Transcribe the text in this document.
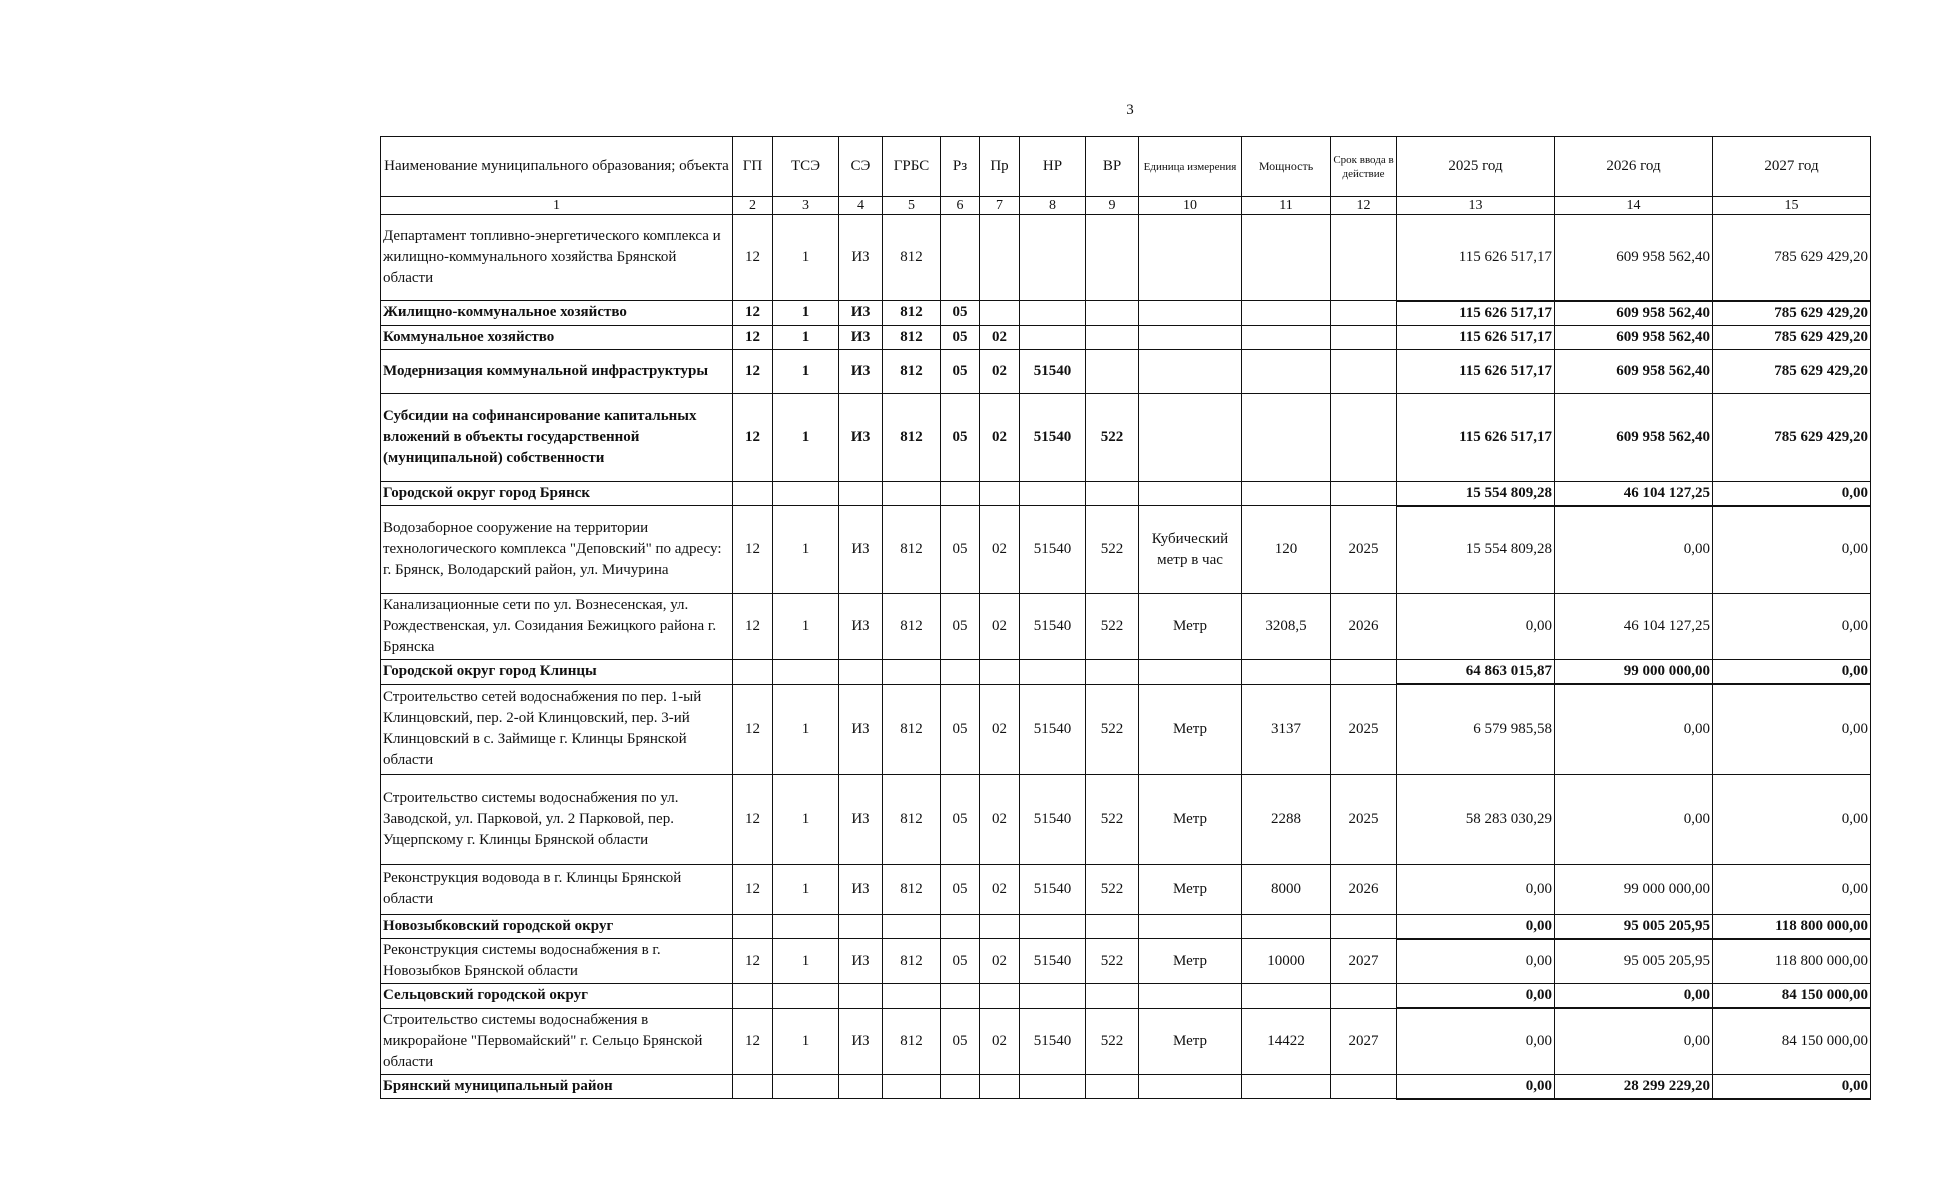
3
Наименование муниципального образования; объекта	ГП	ТСЭ	СЭ	ГРБС	Рз	Пр	НР	ВР	Единица измерения	Мощность	Срок ввода в действие	2025 год	2026 год	2027 год
1	2	3	4	5	6	7	8	9	10	11	12	13	14	15
Департамент топливно-энергетического комплекса и жилищно-коммунального хозяйства Брянской области	12	1	ИЗ	812								115 626 517,17	609 958 562,40	785 629 429,20
Жилищно-коммунальное хозяйство	12	1	ИЗ	812	05							115 626 517,17	609 958 562,40	785 629 429,20
Коммунальное хозяйство	12	1	ИЗ	812	05	02						115 626 517,17	609 958 562,40	785 629 429,20
Модернизация коммунальной инфраструктуры	12	1	ИЗ	812	05	02	51540					115 626 517,17	609 958 562,40	785 629 429,20
Субсидии на софинансирование капитальных вложений в объекты государственной (муниципальной) собственности	12	1	ИЗ	812	05	02	51540	522				115 626 517,17	609 958 562,40	785 629 429,20
Городской округ город Брянск												15 554 809,28	46 104 127,25	0,00
Водозаборное сооружение на территории технологического комплекса "Деповский" по адресу: г. Брянск, Володарский район, ул. Мичурина	12	1	ИЗ	812	05	02	51540	522	Кубический метр в час	120	2025	15 554 809,28	0,00	0,00
Канализационные сети по ул. Вознесенская, ул. Рождественская, ул. Созидания Бежицкого района г. Брянска	12	1	ИЗ	812	05	02	51540	522	Метр	3208,5	2026	0,00	46 104 127,25	0,00
Городской округ город Клинцы												64 863 015,87	99 000 000,00	0,00
Строительство сетей водоснабжения по пер. 1-ый Клинцовский, пер. 2-ой Клинцовский, пер. 3-ий Клинцовский в с. Займище г. Клинцы Брянской области	12	1	ИЗ	812	05	02	51540	522	Метр	3137	2025	6 579 985,58	0,00	0,00
Строительство системы водоснабжения по ул. Заводской, ул. Парковой, ул. 2 Парковой, пер. Ущерпскому г. Клинцы Брянской области	12	1	ИЗ	812	05	02	51540	522	Метр	2288	2025	58 283 030,29	0,00	0,00
Реконструкция водовода в г. Клинцы Брянской области	12	1	ИЗ	812	05	02	51540	522	Метр	8000	2026	0,00	99 000 000,00	0,00
Новозыбковский городской округ												0,00	95 005 205,95	118 800 000,00
Реконструкция системы водоснабжения в г. Новозыбков Брянской области	12	1	ИЗ	812	05	02	51540	522	Метр	10000	2027	0,00	95 005 205,95	118 800 000,00
Сельцовский городской округ												0,00	0,00	84 150 000,00
Строительство системы водоснабжения в микрорайоне "Первомайский" г. Сельцо Брянской области	12	1	ИЗ	812	05	02	51540	522	Метр	14422	2027	0,00	0,00	84 150 000,00
Брянский муниципальный район												0,00	28 299 229,20	0,00
